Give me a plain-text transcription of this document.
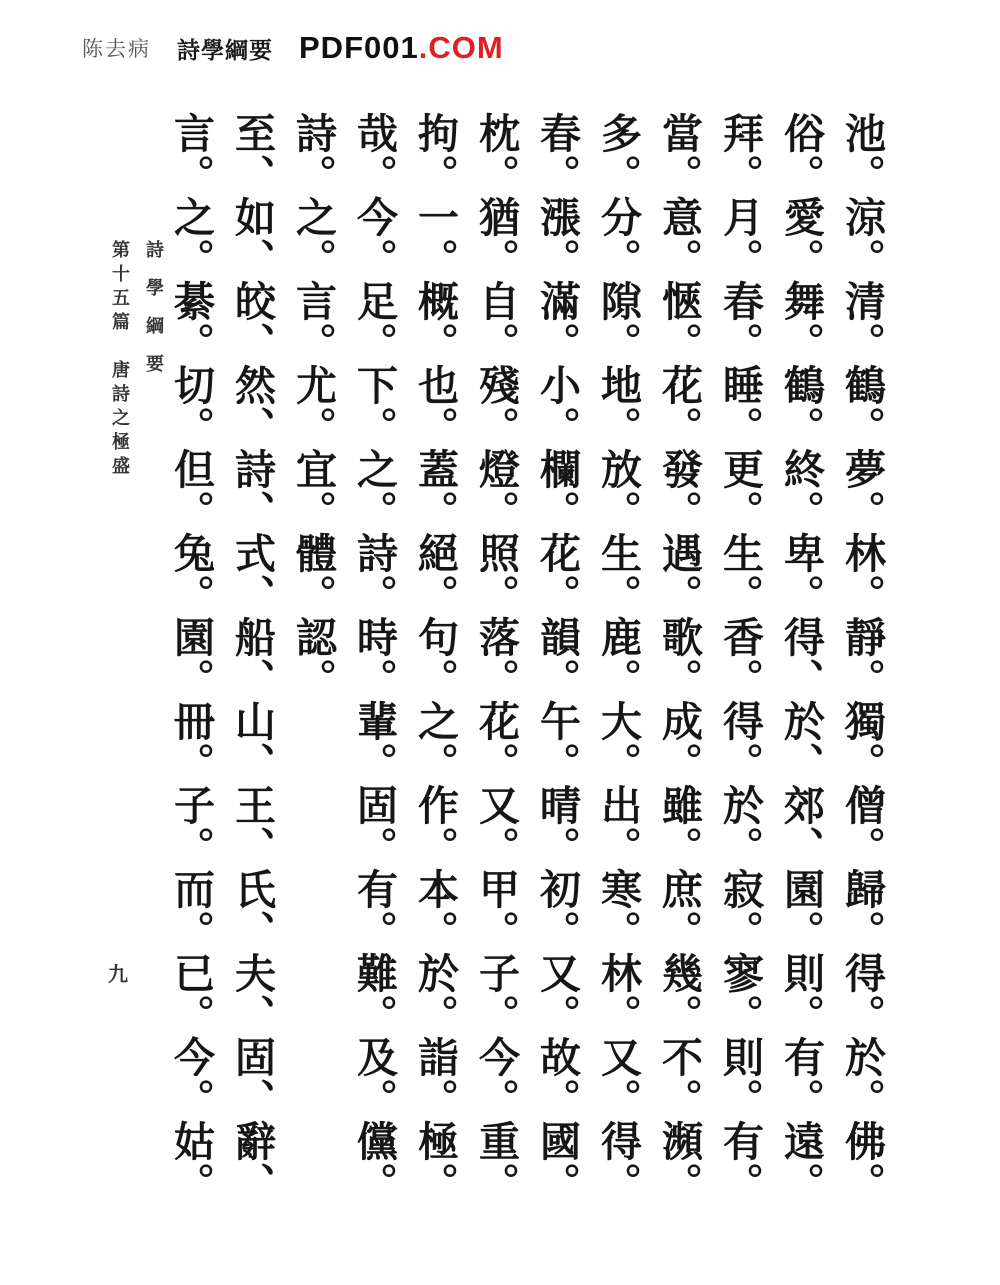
陈去病 詩學綱要 PDF001.COM
池。涼。清。鶴。夢。林。靜。獨。僧。歸。得。於。佛。
俗。愛。舞。鶴。終。卑。得、於、郊、園。則。有。遠。
拜。月。春。睡。更。生。香。得。於。寂。寥。則。有。
當。意。愜。花。發。遇。歌。成。雖。庶。幾。不。瀕。
多。分。隙。地。放。生。鹿。大。出。寒。林。又。得。
春。漲。滿。小。欄。花。韻。午。晴。初。又。故。國。
枕。猶。自。殘。燈。照。落。花。又。甲。子。今。重。
拘。一。概。也。蓋。絕。句。之。作。本。於。詣。極。
哉。今。足。下。之。詩。時。輩。固。有。難。及。儻。
詩。之。言。尤。宜。體。認。
至、如、皎、然、詩、式、船、山、王、氏、夫、固、辭、
言。之。綦。切。但。兔。園。冊。子。而。已。今。姑。
詩學綱要
第十五篇　唐詩之極盛
九
